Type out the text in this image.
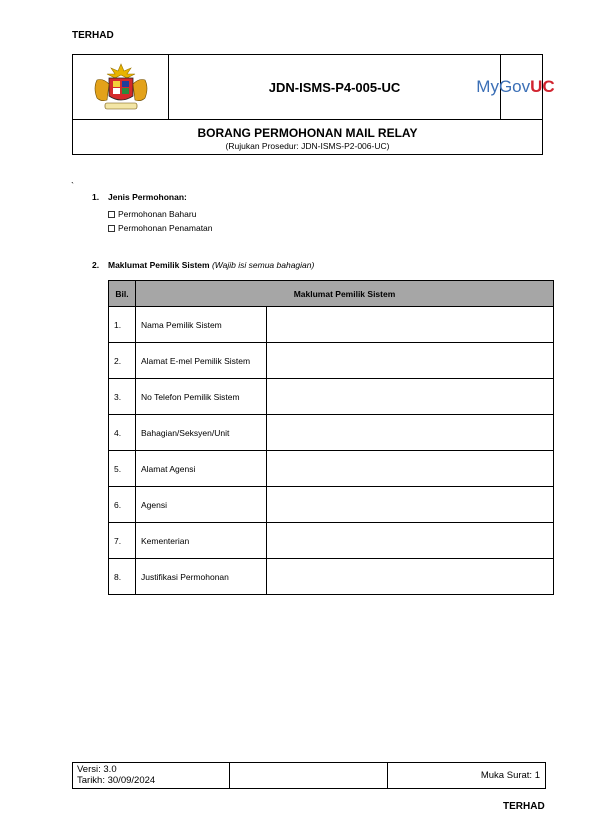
TERHAD
JDN-ISMS-P4-005-UC	MyGovUC
BORANG PERMOHONAN MAIL RELAY
(Rujukan Prosedur: JDN-ISMS-P2-006-UC)
`
1. Jenis Permohonan:
Permohonan Baharu
Permohonan Penamatan
2. Maklumat Pemilik Sistem (Wajib isi semua bahagian)
Bil.	Maklumat Pemilik Sistem	
1.	Nama Pemilik Sistem	
2.	Alamat E-mel Pemilik Sistem	
3.	No Telefon Pemilik Sistem	
4.	Bahagian/Seksyen/Unit	
5.	Alamat Agensi	
6.	Agensi	
7.	Kementerian	
8.	Justifikasi Permohonan	
Versi: 3.0
Tarikh: 30/09/2024	Muka Surat: 1
TERHAD
